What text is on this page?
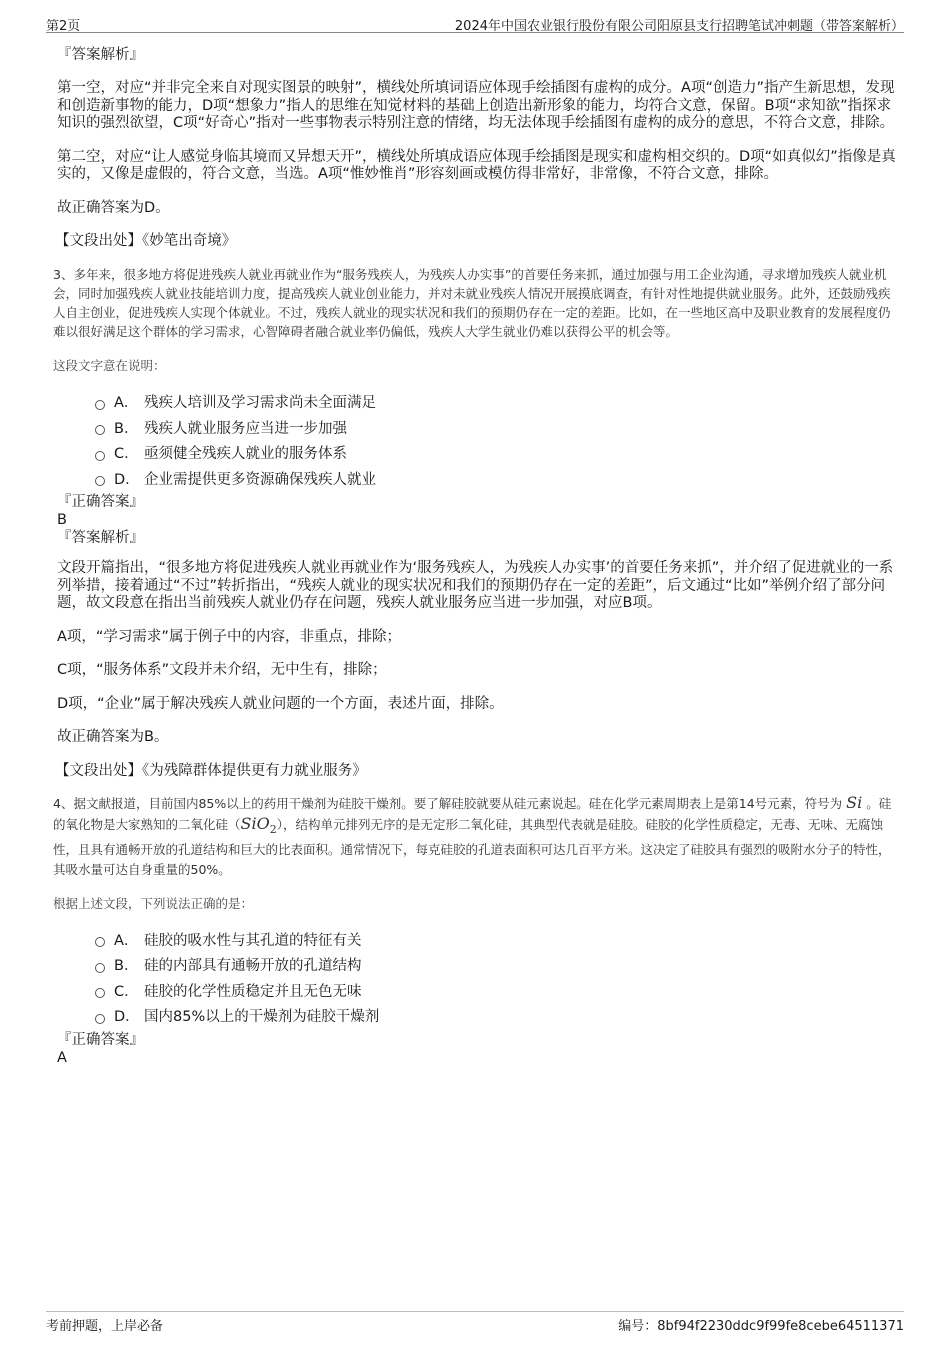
第2页	2024年中国农业银行股份有限公司阳原县支行招聘笔试冲刺题（带答案解析）
『答案解析』

第一空，对应“并非完全来自对现实图景的映射”，横线处所填词语应体现手绘插图有虚构的成分。A项“创造力”指产生新思想，发现和创造新事物的能力，D项“想象力”指人的思维在知觉材料的基础上创造出新形象的能力，均符合文意，保留。B项“求知欲”指探求知识的强烈欲望，C项“好奇心”指对一些事物表示特别注意的情绪，均无法体现手绘插图有虚构的成分的意思，不符合文意，排除。

第二空，对应“让人感觉身临其境而又异想天开”，横线处所填成语应体现手绘插图是现实和虚构相交织的。D项“如真似幻”指像是真实的，又像是虚假的，符合文意，当选。A项“惟妙惟肖”形容刻画或模仿得非常好，非常像，不符合文意，排除。

故正确答案为D。

【文段出处】《妙笔出奇境》

3、多年来，很多地方将促进残疾人就业再就业作为“服务残疾人，为残疾人办实事”的首要任务来抓，通过加强与用工企业沟通，寻求增加残疾人就业机会，同时加强残疾人就业技能培训力度，提高残疾人就业创业能力，并对未就业残疾人情况开展摸底调查，有针对性地提供就业服务。此外，还鼓励残疾人自主创业，促进残疾人实现个体就业。不过，残疾人就业的现实状况和我们的预期仍存在一定的差距。比如，在一些地区高中及职业教育的发展程度仍难以很好满足这个群体的学习需求，心智障碍者融合就业率仍偏低，残疾人大学生就业仍难以获得公平的机会等。

这段文字意在说明：

A． 残疾人培训及学习需求尚未全面满足
B． 残疾人就业服务应当进一步加强
C． 亟须健全残疾人就业的服务体系
D． 企业需提供更多资源确保残疾人就业
『正确答案』
B
『答案解析』

文段开篇指出，“很多地方将促进残疾人就业再就业作为‘服务残疾人，为残疾人办实事’的首要任务来抓”，并介绍了促进就业的一系列举措，接着通过“不过”转折指出，“残疾人就业的现实状况和我们的预期仍存在一定的差距”，后文通过“比如”举例介绍了部分问题，故文段意在指出当前残疾人就业仍存在问题，残疾人就业服务应当进一步加强，对应B项。

A项，“学习需求”属于例子中的内容，非重点，排除；

C项，“服务体系”文段并未介绍，无中生有，排除；

D项，“企业”属于解决残疾人就业问题的一个方面，表述片面，排除。

故正确答案为B。

【文段出处】《为残障群体提供更有力就业服务》

4、据文献报道，目前国内85%以上的药用干燥剂为硅胶干燥剂。要了解硅胶就要从硅元素说起。硅在化学元素周期表上是第14号元素，符号为 Si 。硅的氧化物是大家熟知的二氧化硅（SiO$_2$），结构单元排列无序的是无定形二氧化硅，其典型代表就是硅胶。硅胶的化学性质稳定，无毒、无味、无腐蚀性，且具有通畅开放的孔道结构和巨大的比表面积。通常情况下，每克硅胶的孔道表面积可达几百平方米。这决定了硅胶具有强烈的吸附水分子的特性，其吸水量可达自身重量的50%。

根据上述文段，下列说法正确的是：

A． 硅胶的吸水性与其孔道的特征有关
B． 硅的内部具有通畅开放的孔道结构
C． 硅胶的化学性质稳定并且无色无味
D． 国内85%以上的干燥剂为硅胶干燥剂
『正确答案』
A
考前押题，上岸必备	编号：8bf94f2230ddc9f99fe8cebe64511371
